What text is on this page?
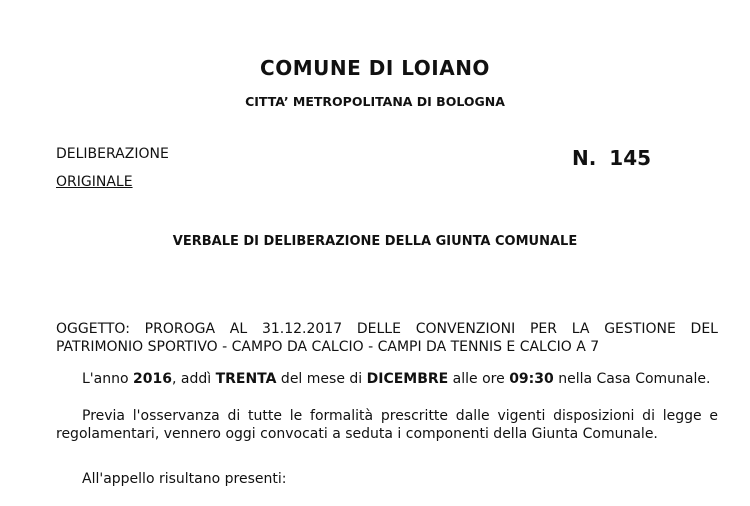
COMUNE DI LOIANO
CITTA’ METROPOLITANA DI BOLOGNA
DELIBERAZIONE
ORIGINALE
N. 145
VERBALE DI DELIBERAZIONE DELLA GIUNTA COMUNALE
OGGETTO: PROROGA AL 31.12.2017 DELLE CONVENZIONI PER LA GESTIONE DEL
PATRIMONIO SPORTIVO - CAMPO DA CALCIO - CAMPI DA TENNIS E CALCIO A 7
L'anno 2016, addì TRENTA del mese di DICEMBRE alle ore 09:30 nella Casa Comunale.
Previa l'osservanza di tutte le formalità prescritte dalle vigenti disposizioni di legge e
regolamentari, vennero oggi convocati a seduta i componenti della Giunta Comunale.
All'appello risultano presenti:
